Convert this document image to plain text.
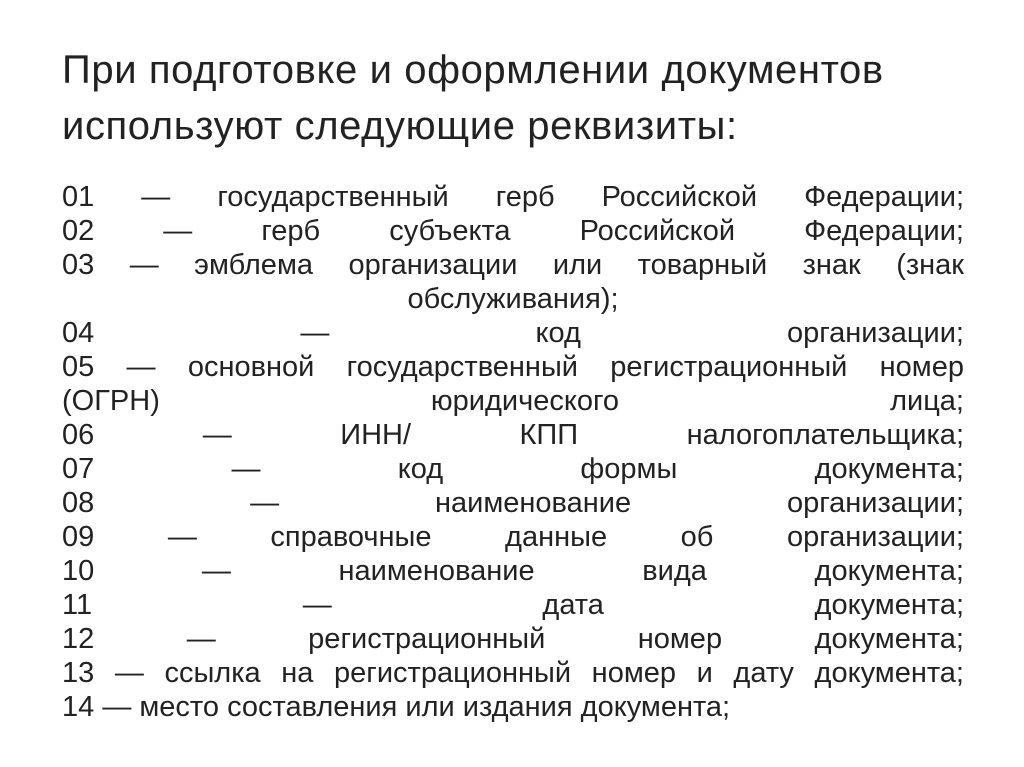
При подготовке и оформлении документов
используют следующие реквизиты:
01 — государственный герб Российской Федерации;
02 — герб субъекта Российской Федерации;
03 — эмблема организации или товарный знак (знак
обслуживания);
04 — код организации;
05 — основной государственный регистрационный номер
(ОГРН) юридического лица;
06 — ИНН/ КПП налогоплательщика;
07 — код формы документа;
08 — наименование организации;
09 — справочные данные об организации;
10 — наименование вида документа;
11 — дата документа;
12 — регистрационный номер документа;
13 — ссылка на регистрационный номер и дату документа;
14 — место составления или издания документа;
